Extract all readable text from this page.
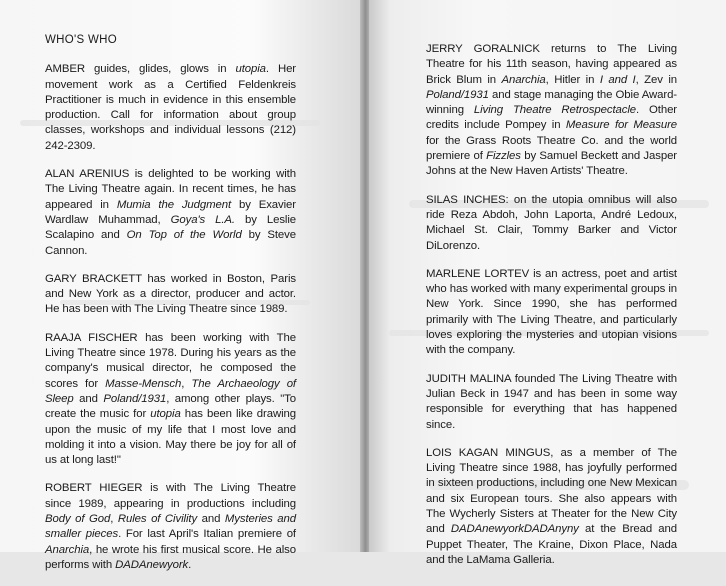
WHO'S WHO

AMBER guides, glides, glows in utopia. Her movement work as a Certified Feldenkreis Practitioner is much in evidence in this ensemble production. Call for information about group classes, workshops and individual lessons (212) 242-2309.

ALAN ARENIUS is delighted to be working with The Living Theatre again. In recent times, he has appeared in Mumia the Judgment by Exavier Wardlaw Muhammad, Goya's L.A. by Leslie Scalapino and On Top of the World by Steve Cannon.

GARY BRACKETT has worked in Boston, Paris and New York as a director, producer and actor. He has been with The Living Theatre since 1989.

RAAJA FISCHER has been working with The Living Theatre since 1978. During his years as the company's musical director, he composed the scores for Masse-Mensch, The Archaeology of Sleep and Poland/1931, among other plays. "To create the music for utopia has been like drawing upon the music of my life that I most love and molding it into a vision. May there be joy for all of us at long last!"

ROBERT HIEGER is with The Living Theatre since 1989, appearing in productions including Body of God, Rules of Civility and Mysteries and smaller pieces. For last April's Italian premiere of Anarchia, he wrote his first musical score. He also performs with DADAnewyork.

JERRY GORALNICK returns to The Living Theatre for his 11th season, having appeared as Brick Blum in Anarchia, Hitler in I and I, Zev in Poland/1931 and stage managing the Obie Award-winning Living Theatre Retrospectacle. Other credits include Pompey in Measure for Measure for the Grass Roots Theatre Co. and the world premiere of Fizzles by Samuel Beckett and Jasper Johns at the New Haven Artists' Theatre.

SILAS INCHES: on the utopia omnibus will also ride Reza Abdoh, John Laporta, André Ledoux, Michael St. Clair, Tommy Barker and Victor DiLorenzo.

MARLENE LORTEV is an actress, poet and artist who has worked with many experimental groups in New York. Since 1990, she has performed primarily with The Living Theatre, and particularly loves exploring the mysteries and utopian visions with the company.

JUDITH MALINA founded The Living Theatre with Julian Beck in 1947 and has been in some way responsible for everything that has happened since.

LOIS KAGAN MINGUS, as a member of The Living Theatre since 1988, has joyfully performed in sixteen productions, including one New Mexican and six European tours. She also appears with The Wycherly Sisters at Theater for the New City and DADAnewyorkDADAnyny at the Bread and Puppet Theater, The Kraine, Dixon Place, Nada and the LaMama Galleria.
